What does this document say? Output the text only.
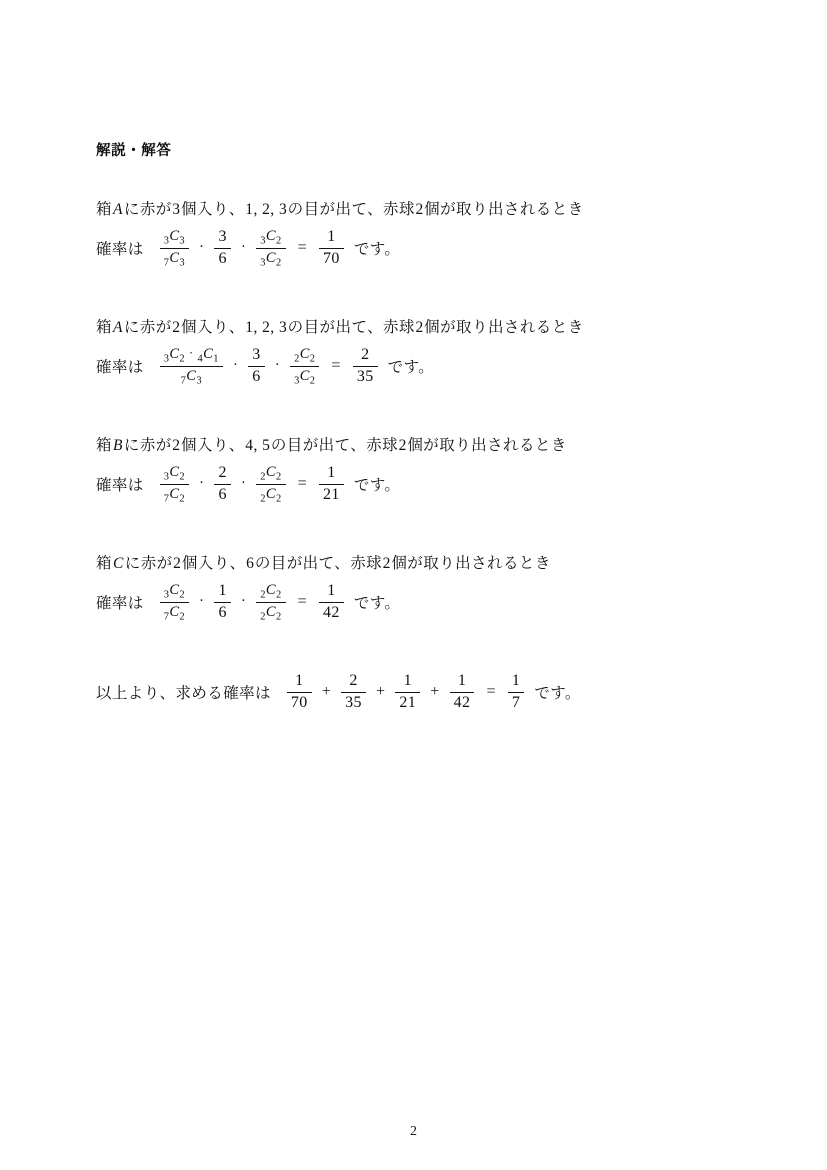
解説・解答
箱Aに赤が3個入り、1, 2, 3の目が出て、赤球2個が取り出されるとき
確率は $\frac{_3C_3}{_7C_3} \cdot \frac{3}{6} \cdot \frac{_3C_2}{_3C_2} = \frac{1}{70}$ です。
箱Aに赤が2個入り、1, 2, 3の目が出て、赤球2個が取り出されるとき
確率は $\frac{_3C_2 \cdot _4C_1}{_7C_3} \cdot \frac{3}{6} \cdot \frac{_2C_2}{_3C_2} = \frac{2}{35}$ です。
箱Bに赤が2個入り、4, 5の目が出て、赤球2個が取り出されるとき
確率は $\frac{_3C_2}{_7C_2} \cdot \frac{2}{6} \cdot \frac{_2C_2}{_2C_2} = \frac{1}{21}$ です。
箱Cに赤が2個入り、6の目が出て、赤球2個が取り出されるとき
確率は $\frac{_3C_2}{_7C_2} \cdot \frac{1}{6} \cdot \frac{_2C_2}{_2C_2} = \frac{1}{42}$ です。
以上より、求める確率は $\frac{1}{70} + \frac{2}{35} + \frac{1}{21} + \frac{1}{42} = \frac{1}{7}$ です。
2
